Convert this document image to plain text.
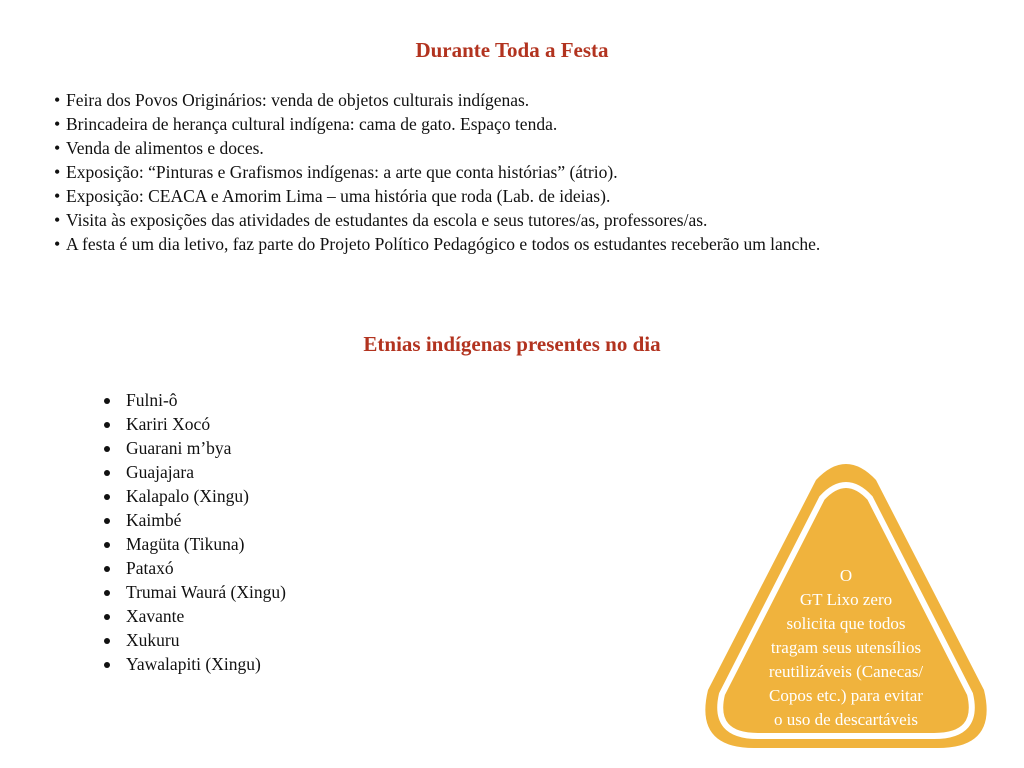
Durante Toda a Festa
• Feira dos Povos Originários: venda de objetos culturais indígenas.
• Brincadeira de herança cultural indígena: cama de gato. Espaço tenda.
• Venda de alimentos e doces.
• Exposição: “Pinturas e Grafismos indígenas: a arte que conta histórias” (átrio).
• Exposição: CEACA e Amorim Lima – uma história que roda (Lab. de ideias).
• Visita às exposições das atividades de estudantes da escola e seus tutores/as, professores/as.
• A festa é um dia letivo, faz parte do Projeto Político Pedagógico e todos os estudantes receberão um lanche.
Etnias indígenas presentes no dia
Fulni-ô
Kariri Xocó
Guarani m’bya
Guajajara
Kalapalo (Xingu)
Kaimbé
Magüta (Tikuna)
Pataxó
Trumai Waurá (Xingu)
Xavante
Xukuru
Yawalapiti (Xingu)
O
GT Lixo zero
solicita que todos
tragam seus utensílios
reutilizáveis (Canecas/
Copos etc.) para evitar
o uso de descartáveis
